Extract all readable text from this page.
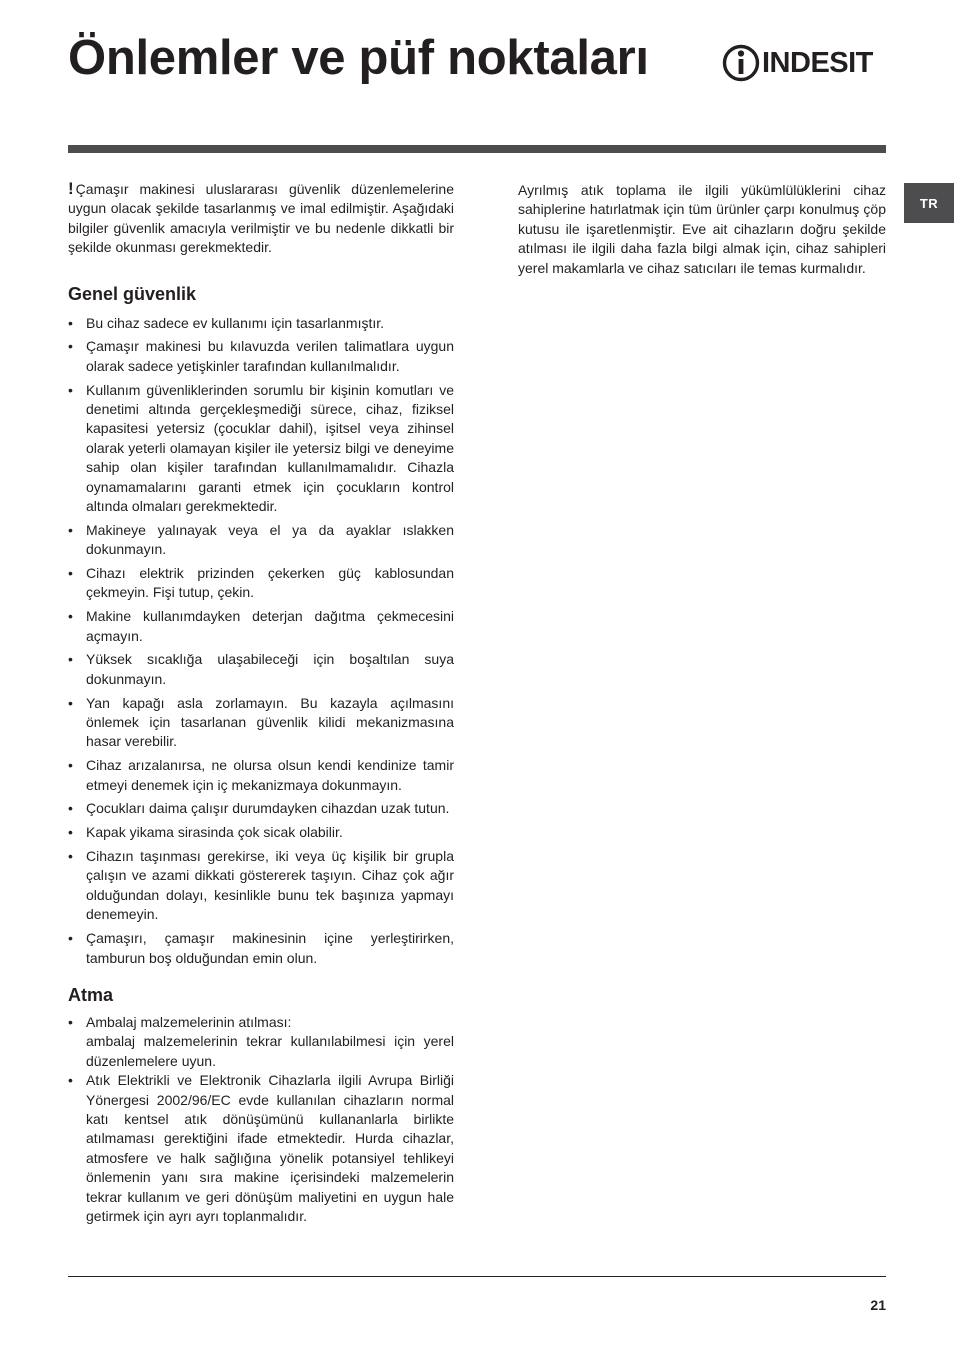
Önlemler ve püf noktaları	INDESIT
TR

! Çamaşır makinesi uluslararası güvenlik düzenlemelerine uygun olacak şekilde tasarlanmış ve imal edilmiştir. Aşağıdaki bilgiler güvenlik amacıyla verilmiştir ve bu nedenle dikkatli bir şekilde okunması gerekmektedir.

Genel güvenlik
• Bu cihaz sadece ev kullanımı için tasarlanmıştır.
• Çamaşır makinesi bu kılavuzda verilen talimatlara uygun olarak sadece yetişkinler tarafından kullanılmalıdır.
• Kullanım güvenliklerinden sorumlu bir kişinin komutları ve denetimi altında gerçekleşmediği sürece, cihaz, fiziksel kapasitesi yetersiz (çocuklar dahil), işitsel veya zihinsel olarak yeterli olamayan kişiler ile yetersiz bilgi ve deneyime sahip olan kişiler tarafından kullanılmamalıdır. Cihazla oynamamalarını garanti etmek için çocukların kontrol altında olmaları gerekmektedir.
• Makineye yalınayak veya el ya da ayaklar ıslakken dokunmayın.
• Cihazı elektrik prizinden çekerken güç kablosundan çekmeyin. Fişi tutup, çekin.
• Makine kullanımdayken deterjan dağıtma çekmecesini açmayın.
• Yüksek sıcaklığa ulaşabileceği için boşaltılan suya dokunmayın.
• Yan kapağı asla zorlamayın. Bu kazayla açılmasını önlemek için tasarlanan güvenlik kilidi mekanizmasına hasar verebilir.
• Cihaz arızalanırsa, ne olursa olsun kendi kendinize tamir etmeyi denemek için iç mekanizmaya dokunmayın.
• Çocukları daima çalışır durumdayken cihazdan uzak tutun.
• Kapak yikama sirasinda çok sicak olabilir.
• Cihazın taşınması gerekirse, iki veya üç kişilik bir grupla çalışın ve azami dikkati göstererek taşıyın. Cihaz çok ağır olduğundan dolayı, kesinlikle bunu tek başınıza yapmayı denemeyin.
• Çamaşırı, çamaşır makinesinin içine yerleştirirken, tamburun boş olduğundan emin olun.
Atma
• Ambalaj malzemelerinin atılması:
ambalaj malzemelerinin tekrar kullanılabilmesi için yerel düzenlemelere uyun.
• Atık Elektrikli ve Elektronik Cihazlarla ilgili Avrupa Birliği Yönergesi 2002/96/EC evde kullanılan cihazların normal katı kentsel atık dönüşümünü kullananlarla birlikte atılmaması gerektiğini ifade etmektedir. Hurda cihazlar, atmosfere ve halk sağlığına yönelik potansiyel tehlikeyi önlemenin yanı sıra makine içerisindeki malzemelerin tekrar kullanım ve geri dönüşüm maliyetini en uygun hale getirmek için ayrı ayrı toplanmalıdır.

Ayrılmış atık toplama ile ilgili yükümlülüklerini cihaz sahiplerine hatırlatmak için tüm ürünler çarpı konulmuş çöp kutusu ile işaretlenmiştir. Eve ait cihazların doğru şekilde atılması ile ilgili daha fazla bilgi almak için, cihaz sahipleri yerel makamlarla ve cihaz satıcıları ile temas kurmalıdır.

21
